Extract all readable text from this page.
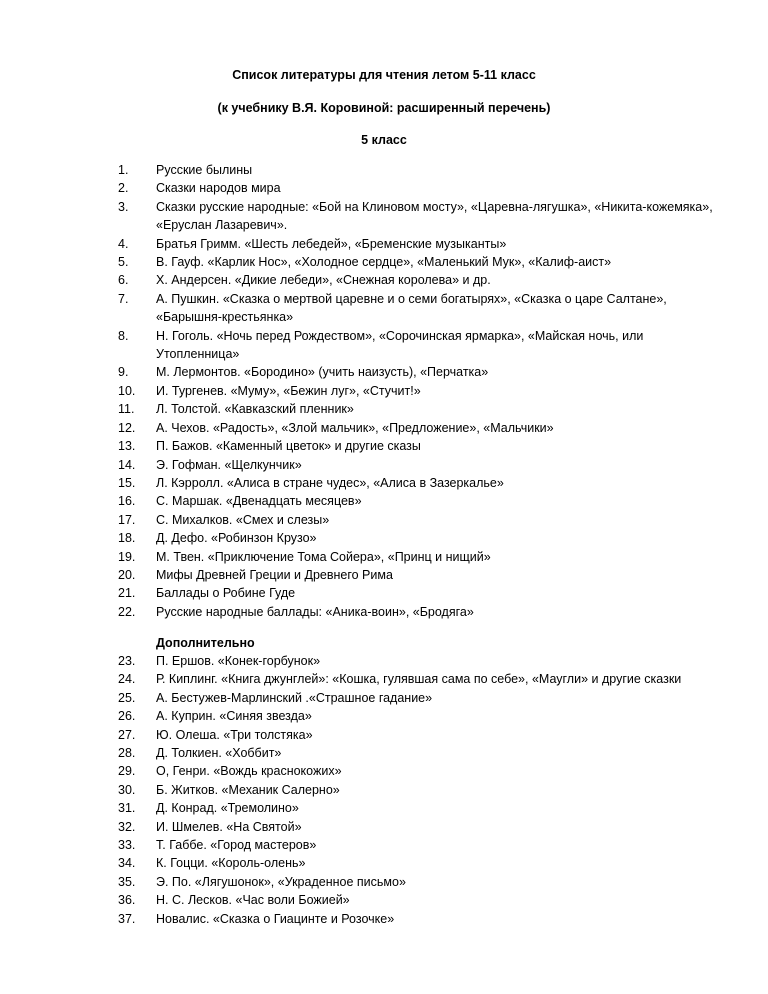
Список литературы для чтения летом 5-11 класс
(к учебнику В.Я. Коровиной: расширенный перечень)
5 класс
1.	Русские былины
2.	Сказки народов мира
3.	Сказки русские народные: «Бой на Клиновом мосту», «Царевна-лягушка», «Никита-кожемяка», «Еруслан Лазаревич».
4.	Братья Гримм. «Шесть лебедей», «Бременские музыканты»
5.	В. Гауф. «Карлик Нос», «Холодное сердце», «Маленький Мук», «Калиф-аист»
6.	Х. Андерсен. «Дикие лебеди», «Снежная королева» и др.
7.	А. Пушкин. «Сказка о мертвой царевне и о семи богатырях», «Сказка о царе Салтане», «Барышня-крестьянка»
8.	Н. Гоголь. «Ночь перед Рождеством», «Сорочинская ярмарка», «Майская ночь, или Утопленница»
9.	М. Лермонтов. «Бородино» (учить наизусть), «Перчатка»
10.	И. Тургенев. «Муму», «Бежин луг», «Стучит!»
11.	Л. Толстой. «Кавказский пленник»
12.	А. Чехов. «Радость», «Злой мальчик», «Предложение», «Мальчики»
13.	П. Бажов. «Каменный цветок» и другие сказы
14.	Э. Гофман. «Щелкунчик»
15.	Л. Кэрролл. «Алиса в стране чудес», «Алиса в Зазеркалье»
16.	С. Маршак. «Двенадцать месяцев»
17.	С. Михалков. «Смех и слезы»
18.	Д. Дефо. «Робинзон Крузо»
19.	М. Твен. «Приключение Тома Сойера», «Принц и нищий»
20.	Мифы Древней Греции и Древнего Рима
21.	Баллады о Робине Гуде
22.	Русские народные баллады: «Аника-воин», «Бродяга»
Дополнительно
23.	П. Ершов. «Конек-горбунок»
24.	Р. Киплинг. «Книга джунглей»: «Кошка, гулявшая сама по себе», «Маугли» и другие сказки
25.	А. Бестужев-Марлинский .«Страшное гадание»
26.	А. Куприн. «Синяя звезда»
27.	Ю. Олеша. «Три толстяка»
28.	Д. Толкиен. «Хоббит»
29.	О, Генри. «Вождь краснокожих»
30.	Б. Житков. «Механик Салерно»
31.	Д. Конрад. «Тремолино»
32.	И. Шмелев. «На Святой»
33.	Т. Габбе. «Город мастеров»
34.	К. Гоцци. «Король-олень»
35.	Э. По. «Лягушонок», «Украденное письмо»
36.	Н. С. Лесков. «Час воли Божией»
37.	Новалис. «Сказка о Гиацинте и Розочке»
